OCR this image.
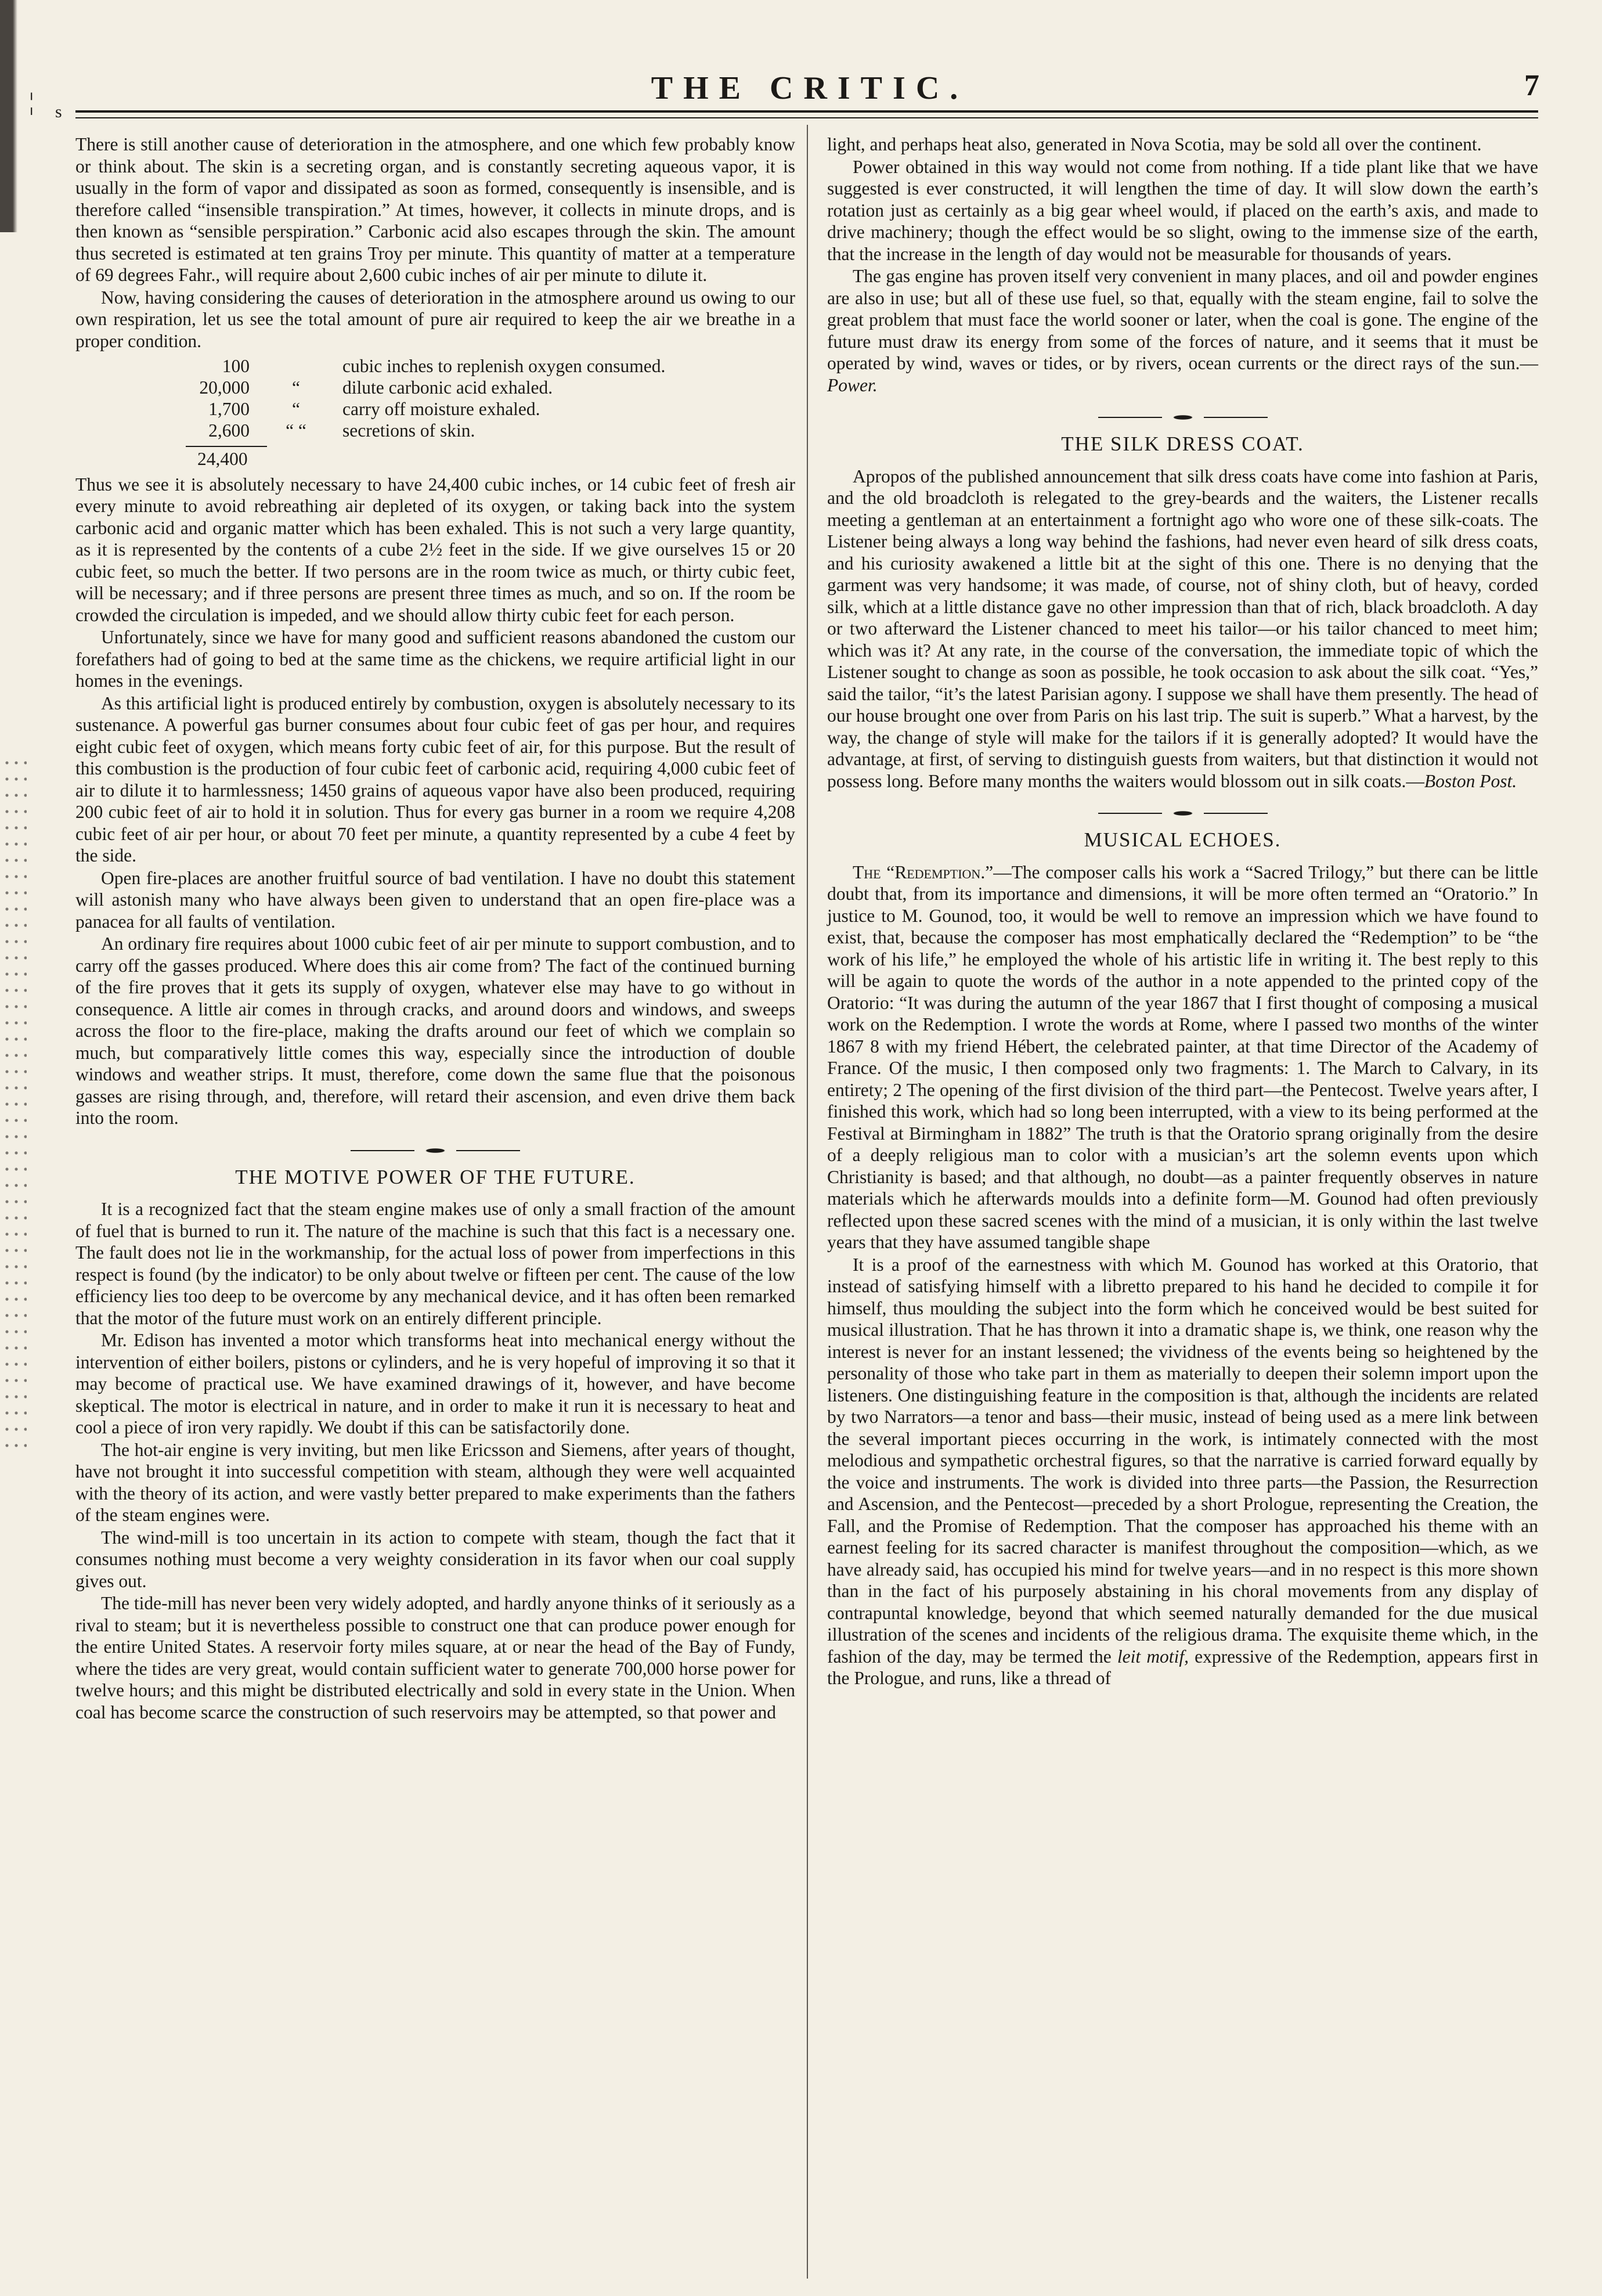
¦ s
THE CRITIC.	7

There is still another cause of deterioration in the atmosphere, and one which few probably know or think about. The skin is a secreting organ, and is constantly secreting aqueous vapor, it is usually in the form of vapor and dissipated as soon as formed, consequently is insensible, and is therefore called “insensible transpiration.” At times, however, it collects in minute drops, and is then known as “sensible perspiration.” Carbonic acid also escapes through the skin. The amount thus secreted is estimated at ten grains Troy per minute. This quantity of matter at a temperature of 69 degrees Fahr., will require about 2,600 cubic inches of air per minute to dilute it.

Now, having considering the causes of deterioration in the atmosphere around us owing to our own respiration, let us see the total amount of pure air required to keep the air we breathe in a proper condition.

100		cubic inches to replenish oxygen consumed.
20,000	“	dilute carbonic acid exhaled.
1,700	“	carry off moisture exhaled.
2,600	“ “	secretions of skin.
24,400

Thus we see it is absolutely necessary to have 24,400 cubic inches, or 14 cubic feet of fresh air every minute to avoid rebreathing air depleted of its oxygen, or taking back into the system carbonic acid and organic matter which has been exhaled. This is not such a very large quantity, as it is represented by the contents of a cube 2½ feet in the side. If we give ourselves 15 or 20 cubic feet, so much the better. If two persons are in the room twice as much, or thirty cubic feet, will be necessary; and if three persons are present three times as much, and so on. If the room be crowded the circulation is impeded, and we should allow thirty cubic feet for each person.

Unfortunately, since we have for many good and sufficient reasons abandoned the custom our forefathers had of going to bed at the same time as the chickens, we require artificial light in our homes in the evenings.

As this artificial light is produced entirely by combustion, oxygen is absolutely necessary to its sustenance. A powerful gas burner consumes about four cubic feet of gas per hour, and requires eight cubic feet of oxygen, which means forty cubic feet of air, for this purpose. But the result of this combustion is the production of four cubic feet of carbonic acid, requiring 4,000 cubic feet of air to dilute it to harmlessness; 1450 grains of aqueous vapor have also been produced, requiring 200 cubic feet of air to hold it in solution. Thus for every gas burner in a room we require 4,208 cubic feet of air per hour, or about 70 feet per minute, a quantity represented by a cube 4 feet by the side.

Open fire-places are another fruitful source of bad ventilation. I have no doubt this statement will astonish many who have always been given to understand that an open fire-place was a panacea for all faults of ventilation.

An ordinary fire requires about 1000 cubic feet of air per minute to support combustion, and to carry off the gasses produced. Where does this air come from? The fact of the continued burning of the fire proves that it gets its supply of oxygen, whatever else may have to go without in consequence. A little air comes in through cracks, and around doors and windows, and sweeps across the floor to the fire-place, making the drafts around our feet of which we complain so much, but comparatively little comes this way, especially since the introduction of double windows and weather strips. It must, therefore, come down the same flue that the poisonous gasses are rising through, and, therefore, will retard their ascension, and even drive them back into the room.

THE MOTIVE POWER OF THE FUTURE.

It is a recognized fact that the steam engine makes use of only a small fraction of the amount of fuel that is burned to run it. The nature of the machine is such that this fact is a necessary one. The fault does not lie in the workmanship, for the actual loss of power from imperfections in this respect is found (by the indicator) to be only about twelve or fifteen per cent. The cause of the low efficiency lies too deep to be overcome by any mechanical device, and it has often been remarked that the motor of the future must work on an entirely different principle.

Mr. Edison has invented a motor which transforms heat into mechanical energy without the intervention of either boilers, pistons or cylinders, and he is very hopeful of improving it so that it may become of practical use. We have examined drawings of it, however, and have become skeptical. The motor is electrical in nature, and in order to make it run it is necessary to heat and cool a piece of iron very rapidly. We doubt if this can be satisfactorily done.

The hot-air engine is very inviting, but men like Ericsson and Siemens, after years of thought, have not brought it into successful competition with steam, although they were well acquainted with the theory of its action, and were vastly better prepared to make experiments than the fathers of the steam engines were.

The wind-mill is too uncertain in its action to compete with steam, though the fact that it consumes nothing must become a very weighty consideration in its favor when our coal supply gives out.

The tide-mill has never been very widely adopted, and hardly anyone thinks of it seriously as a rival to steam; but it is nevertheless possible to construct one that can produce power enough for the entire United States. A reservoir forty miles square, at or near the head of the Bay of Fundy, where the tides are very great, would contain sufficient water to generate 700,000 horse power for twelve hours; and this might be distributed electrically and sold in every state in the Union. When coal has become scarce the construction of such reservoirs may be attempted, so that power and

light, and perhaps heat also, generated in Nova Scotia, may be sold all over the continent.

Power obtained in this way would not come from nothing. If a tide plant like that we have suggested is ever constructed, it will lengthen the time of day. It will slow down the earth’s rotation just as certainly as a big gear wheel would, if placed on the earth’s axis, and made to drive machinery; though the effect would be so slight, owing to the immense size of the earth, that the increase in the length of day would not be measurable for thousands of years.

The gas engine has proven itself very convenient in many places, and oil and powder engines are also in use; but all of these use fuel, so that, equally with the steam engine, fail to solve the great problem that must face the world sooner or later, when the coal is gone. The engine of the future must draw its energy from some of the forces of nature, and it seems that it must be operated by wind, waves or tides, or by rivers, ocean currents or the direct rays of the sun.—Power.

THE SILK DRESS COAT.

Apropos of the published announcement that silk dress coats have come into fashion at Paris, and the old broadcloth is relegated to the grey-beards and the waiters, the Listener recalls meeting a gentleman at an entertainment a fortnight ago who wore one of these silk-coats. The Listener being always a long way behind the fashions, had never even heard of silk dress coats, and his curiosity awakened a little bit at the sight of this one. There is no denying that the garment was very handsome; it was made, of course, not of shiny cloth, but of heavy, corded silk, which at a little distance gave no other impression than that of rich, black broadcloth. A day or two afterward the Listener chanced to meet his tailor—or his tailor chanced to meet him; which was it? At any rate, in the course of the conversation, the immediate topic of which the Listener sought to change as soon as possible, he took occasion to ask about the silk coat. “Yes,” said the tailor, “it’s the latest Parisian agony. I suppose we shall have them presently. The head of our house brought one over from Paris on his last trip. The suit is superb.” What a harvest, by the way, the change of style will make for the tailors if it is generally adopted? It would have the advantage, at first, of serving to distinguish guests from waiters, but that distinction it would not possess long. Before many months the waiters would blossom out in silk coats.—Boston Post.

MUSICAL ECHOES.

The “Redemption.”—The composer calls his work a “Sacred Trilogy,” but there can be little doubt that, from its importance and dimensions, it will be more often termed an “Oratorio.” In justice to M. Gounod, too, it would be well to remove an impression which we have found to exist, that, because the composer has most emphatically declared the “Redemption” to be “the work of his life,” he employed the whole of his artistic life in writing it. The best reply to this will be again to quote the words of the author in a note appended to the printed copy of the Oratorio: “It was during the autumn of the year 1867 that I first thought of composing a musical work on the Redemption. I wrote the words at Rome, where I passed two months of the winter 1867 8 with my friend Hébert, the celebrated painter, at that time Director of the Academy of France. Of the music, I then composed only two fragments: 1. The March to Calvary, in its entirety; 2 The opening of the first division of the third part—the Pentecost. Twelve years after, I finished this work, which had so long been interrupted, with a view to its being performed at the Festival at Birmingham in 1882” The truth is that the Oratorio sprang originally from the desire of a deeply religious man to color with a musician’s art the solemn events upon which Christianity is based; and that although, no doubt—as a painter frequently observes in nature materials which he afterwards moulds into a definite form—M. Gounod had often previously reflected upon these sacred scenes with the mind of a musician, it is only within the last twelve years that they have assumed tangible shape

It is a proof of the earnestness with which M. Gounod has worked at this Oratorio, that instead of satisfying himself with a libretto prepared to his hand he decided to compile it for himself, thus moulding the subject into the form which he conceived would be best suited for musical illustration. That he has thrown it into a dramatic shape is, we think, one reason why the interest is never for an instant lessened; the vividness of the events being so heightened by the personality of those who take part in them as materially to deepen their solemn import upon the listeners. One distinguishing feature in the composition is that, although the incidents are related by two Narrators—a tenor and bass—their music, instead of being used as a mere link between the several important pieces occurring in the work, is intimately connected with the most melodious and sympathetic orchestral figures, so that the narrative is carried forward equally by the voice and instruments. The work is divided into three parts—the Passion, the Resurrection and Ascension, and the Pentecost—preceded by a short Prologue, representing the Creation, the Fall, and the Promise of Redemption. That the composer has approached his theme with an earnest feeling for its sacred character is manifest throughout the composition—which, as we have already said, has occupied his mind for twelve years—and in no respect is this more shown than in the fact of his purposely abstaining in his choral movements from any display of contrapuntal knowledge, beyond that which seemed naturally demanded for the due musical illustration of the scenes and incidents of the religious drama. The exquisite theme which, in the fashion of the day, may be termed the leit motif, expressive of the Redemption, appears first in the Prologue, and runs, like a thread of
